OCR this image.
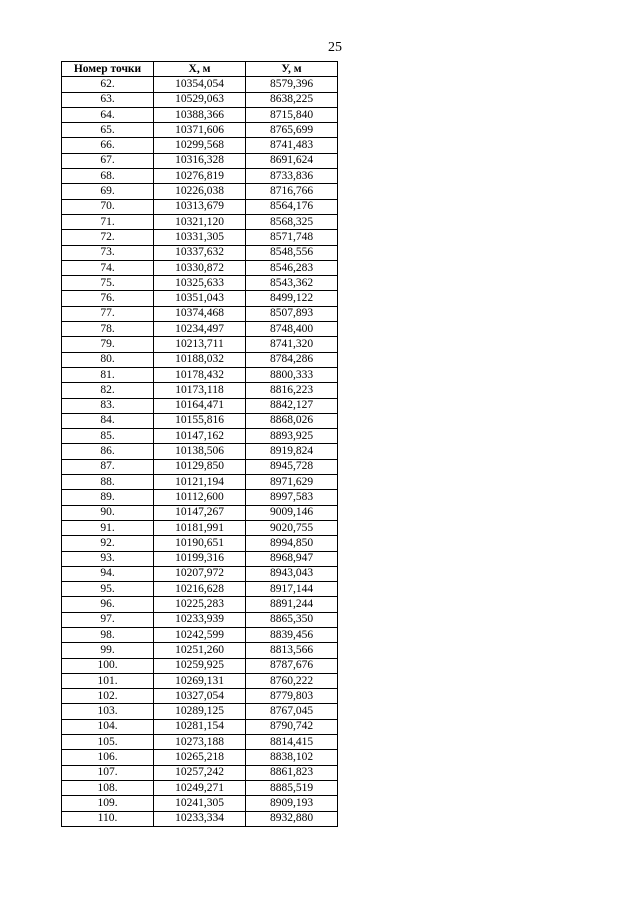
25
Номер точки	X, м	У, м
62.	10354,054	8579,396
63.	10529,063	8638,225
64.	10388,366	8715,840
65.	10371,606	8765,699
66.	10299,568	8741,483
67.	10316,328	8691,624
68.	10276,819	8733,836
69.	10226,038	8716,766
70.	10313,679	8564,176
71.	10321,120	8568,325
72.	10331,305	8571,748
73.	10337,632	8548,556
74.	10330,872	8546,283
75.	10325,633	8543,362
76.	10351,043	8499,122
77.	10374,468	8507,893
78.	10234,497	8748,400
79.	10213,711	8741,320
80.	10188,032	8784,286
81.	10178,432	8800,333
82.	10173,118	8816,223
83.	10164,471	8842,127
84.	10155,816	8868,026
85.	10147,162	8893,925
86.	10138,506	8919,824
87.	10129,850	8945,728
88.	10121,194	8971,629
89.	10112,600	8997,583
90.	10147,267	9009,146
91.	10181,991	9020,755
92.	10190,651	8994,850
93.	10199,316	8968,947
94.	10207,972	8943,043
95.	10216,628	8917,144
96.	10225,283	8891,244
97.	10233,939	8865,350
98.	10242,599	8839,456
99.	10251,260	8813,566
100.	10259,925	8787,676
101.	10269,131	8760,222
102.	10327,054	8779,803
103.	10289,125	8767,045
104.	10281,154	8790,742
105.	10273,188	8814,415
106.	10265,218	8838,102
107.	10257,242	8861,823
108.	10249,271	8885,519
109.	10241,305	8909,193
110.	10233,334	8932,880
